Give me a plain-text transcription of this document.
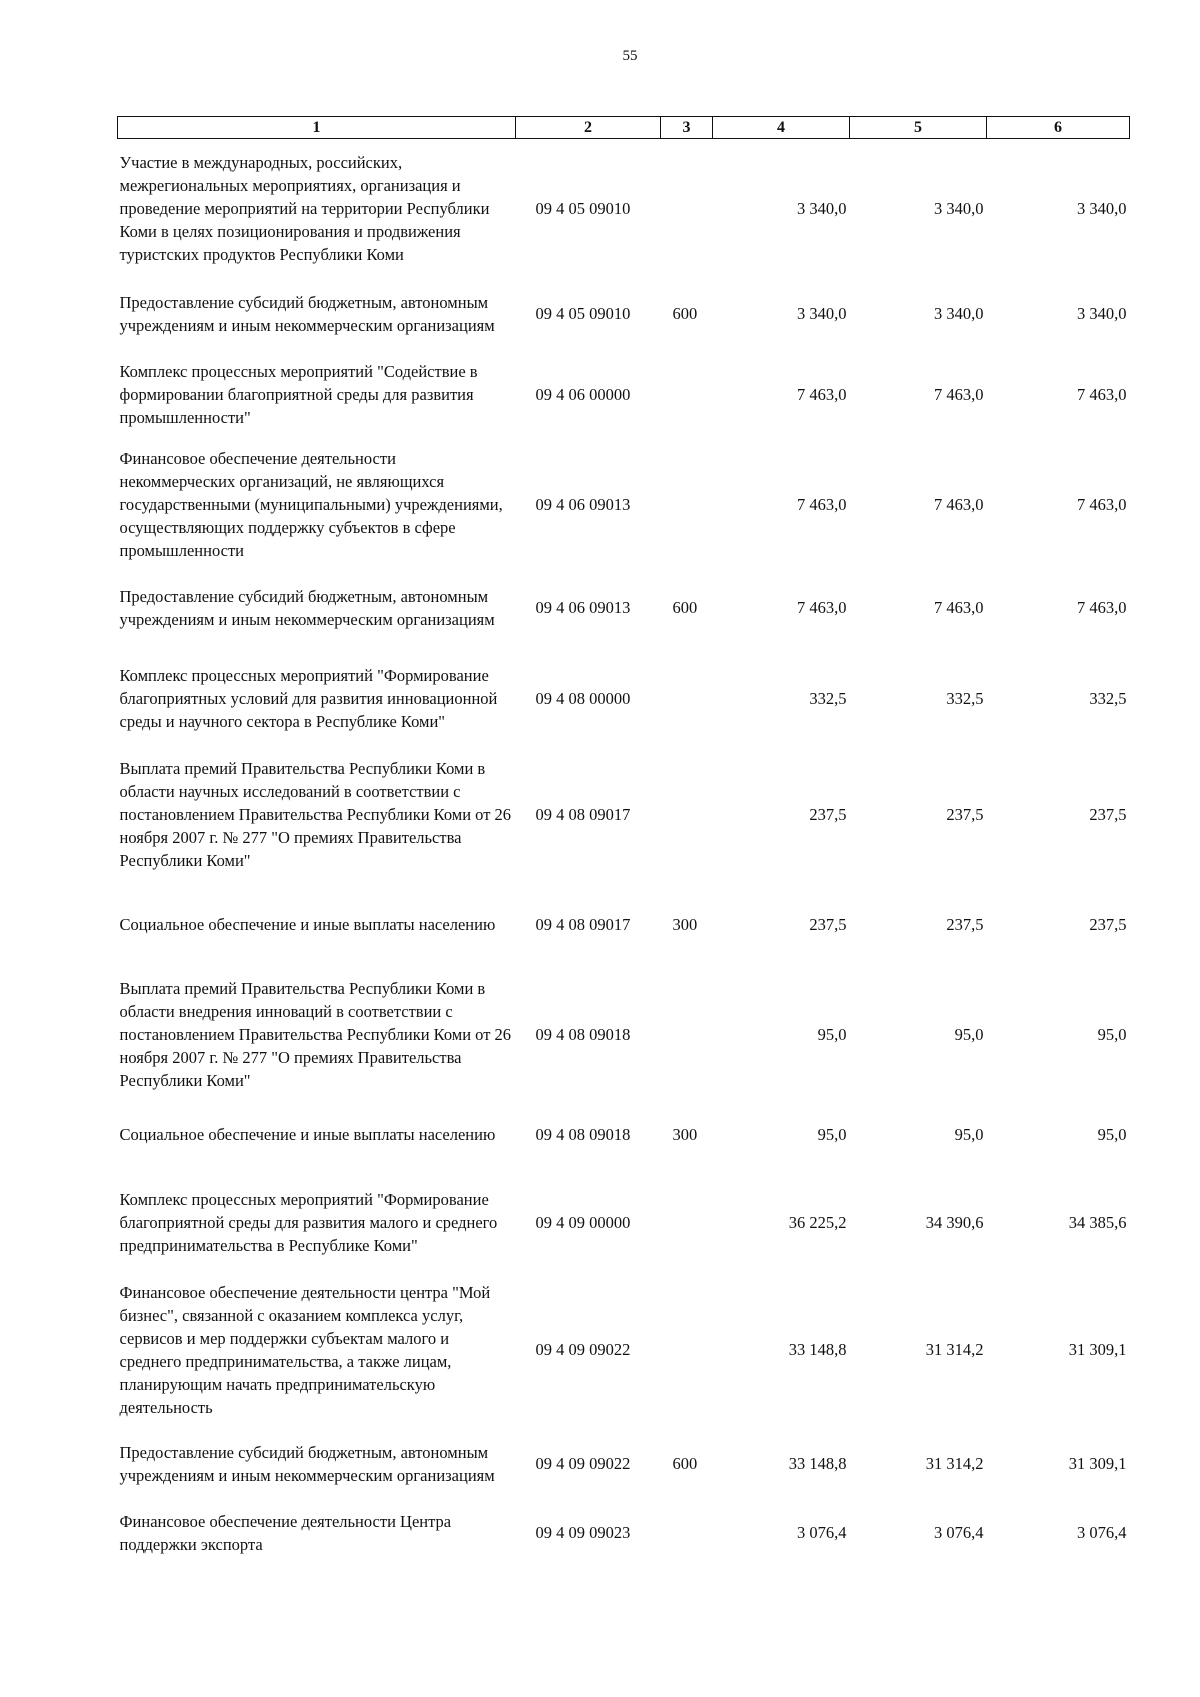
55
1	2	3	4	5	6
Участие в международных, российских, межрегиональных мероприятиях, организация и проведение мероприятий на территории Республики Коми в целях позиционирования и продвижения туристских продуктов Республики Коми	09 4 05 09010		3 340,0	3 340,0	3 340,0
Предоставление субсидий бюджетным, автономным учреждениям и иным некоммерческим организациям	09 4 05 09010	600	3 340,0	3 340,0	3 340,0
Комплекс процессных мероприятий "Содействие в формировании благоприятной среды для развития промышленности"	09 4 06 00000		7 463,0	7 463,0	7 463,0
Финансовое обеспечение деятельности некоммерческих организаций, не являющихся государственными (муниципальными) учреждениями, осуществляющих поддержку субъектов в сфере промышленности	09 4 06 09013		7 463,0	7 463,0	7 463,0
Предоставление субсидий бюджетным, автономным учреждениям и иным некоммерческим организациям	09 4 06 09013	600	7 463,0	7 463,0	7 463,0
Комплекс процессных мероприятий "Формирование благоприятных условий для развития инновационной среды и научного сектора в Республике Коми"	09 4 08 00000		332,5	332,5	332,5
Выплата премий Правительства Республики Коми в области научных исследований в соответствии с постановлением Правительства Республики Коми от 26 ноября 2007 г. № 277 "О премиях Правительства Республики Коми"	09 4 08 09017		237,5	237,5	237,5
Социальное обеспечение и иные выплаты населению	09 4 08 09017	300	237,5	237,5	237,5
Выплата премий Правительства Республики Коми в области внедрения инноваций в соответствии с постановлением Правительства Республики Коми от 26 ноября 2007 г. № 277 "О премиях Правительства Республики Коми"	09 4 08 09018		95,0	95,0	95,0
Социальное обеспечение и иные выплаты населению	09 4 08 09018	300	95,0	95,0	95,0
Комплекс процессных мероприятий "Формирование благоприятной среды для развития малого и среднего предпринимательства в Республике Коми"	09 4 09 00000		36 225,2	34 390,6	34 385,6
Финансовое обеспечение деятельности центра "Мой бизнес", связанной с оказанием комплекса услуг, сервисов и мер поддержки субъектам малого и среднего предпринимательства, а также лицам, планирующим начать предпринимательскую деятельность	09 4 09 09022		33 148,8	31 314,2	31 309,1
Предоставление субсидий бюджетным, автономным учреждениям и иным некоммерческим организациям	09 4 09 09022	600	33 148,8	31 314,2	31 309,1
Финансовое обеспечение деятельности Центра поддержки экспорта	09 4 09 09023		3 076,4	3 076,4	3 076,4
